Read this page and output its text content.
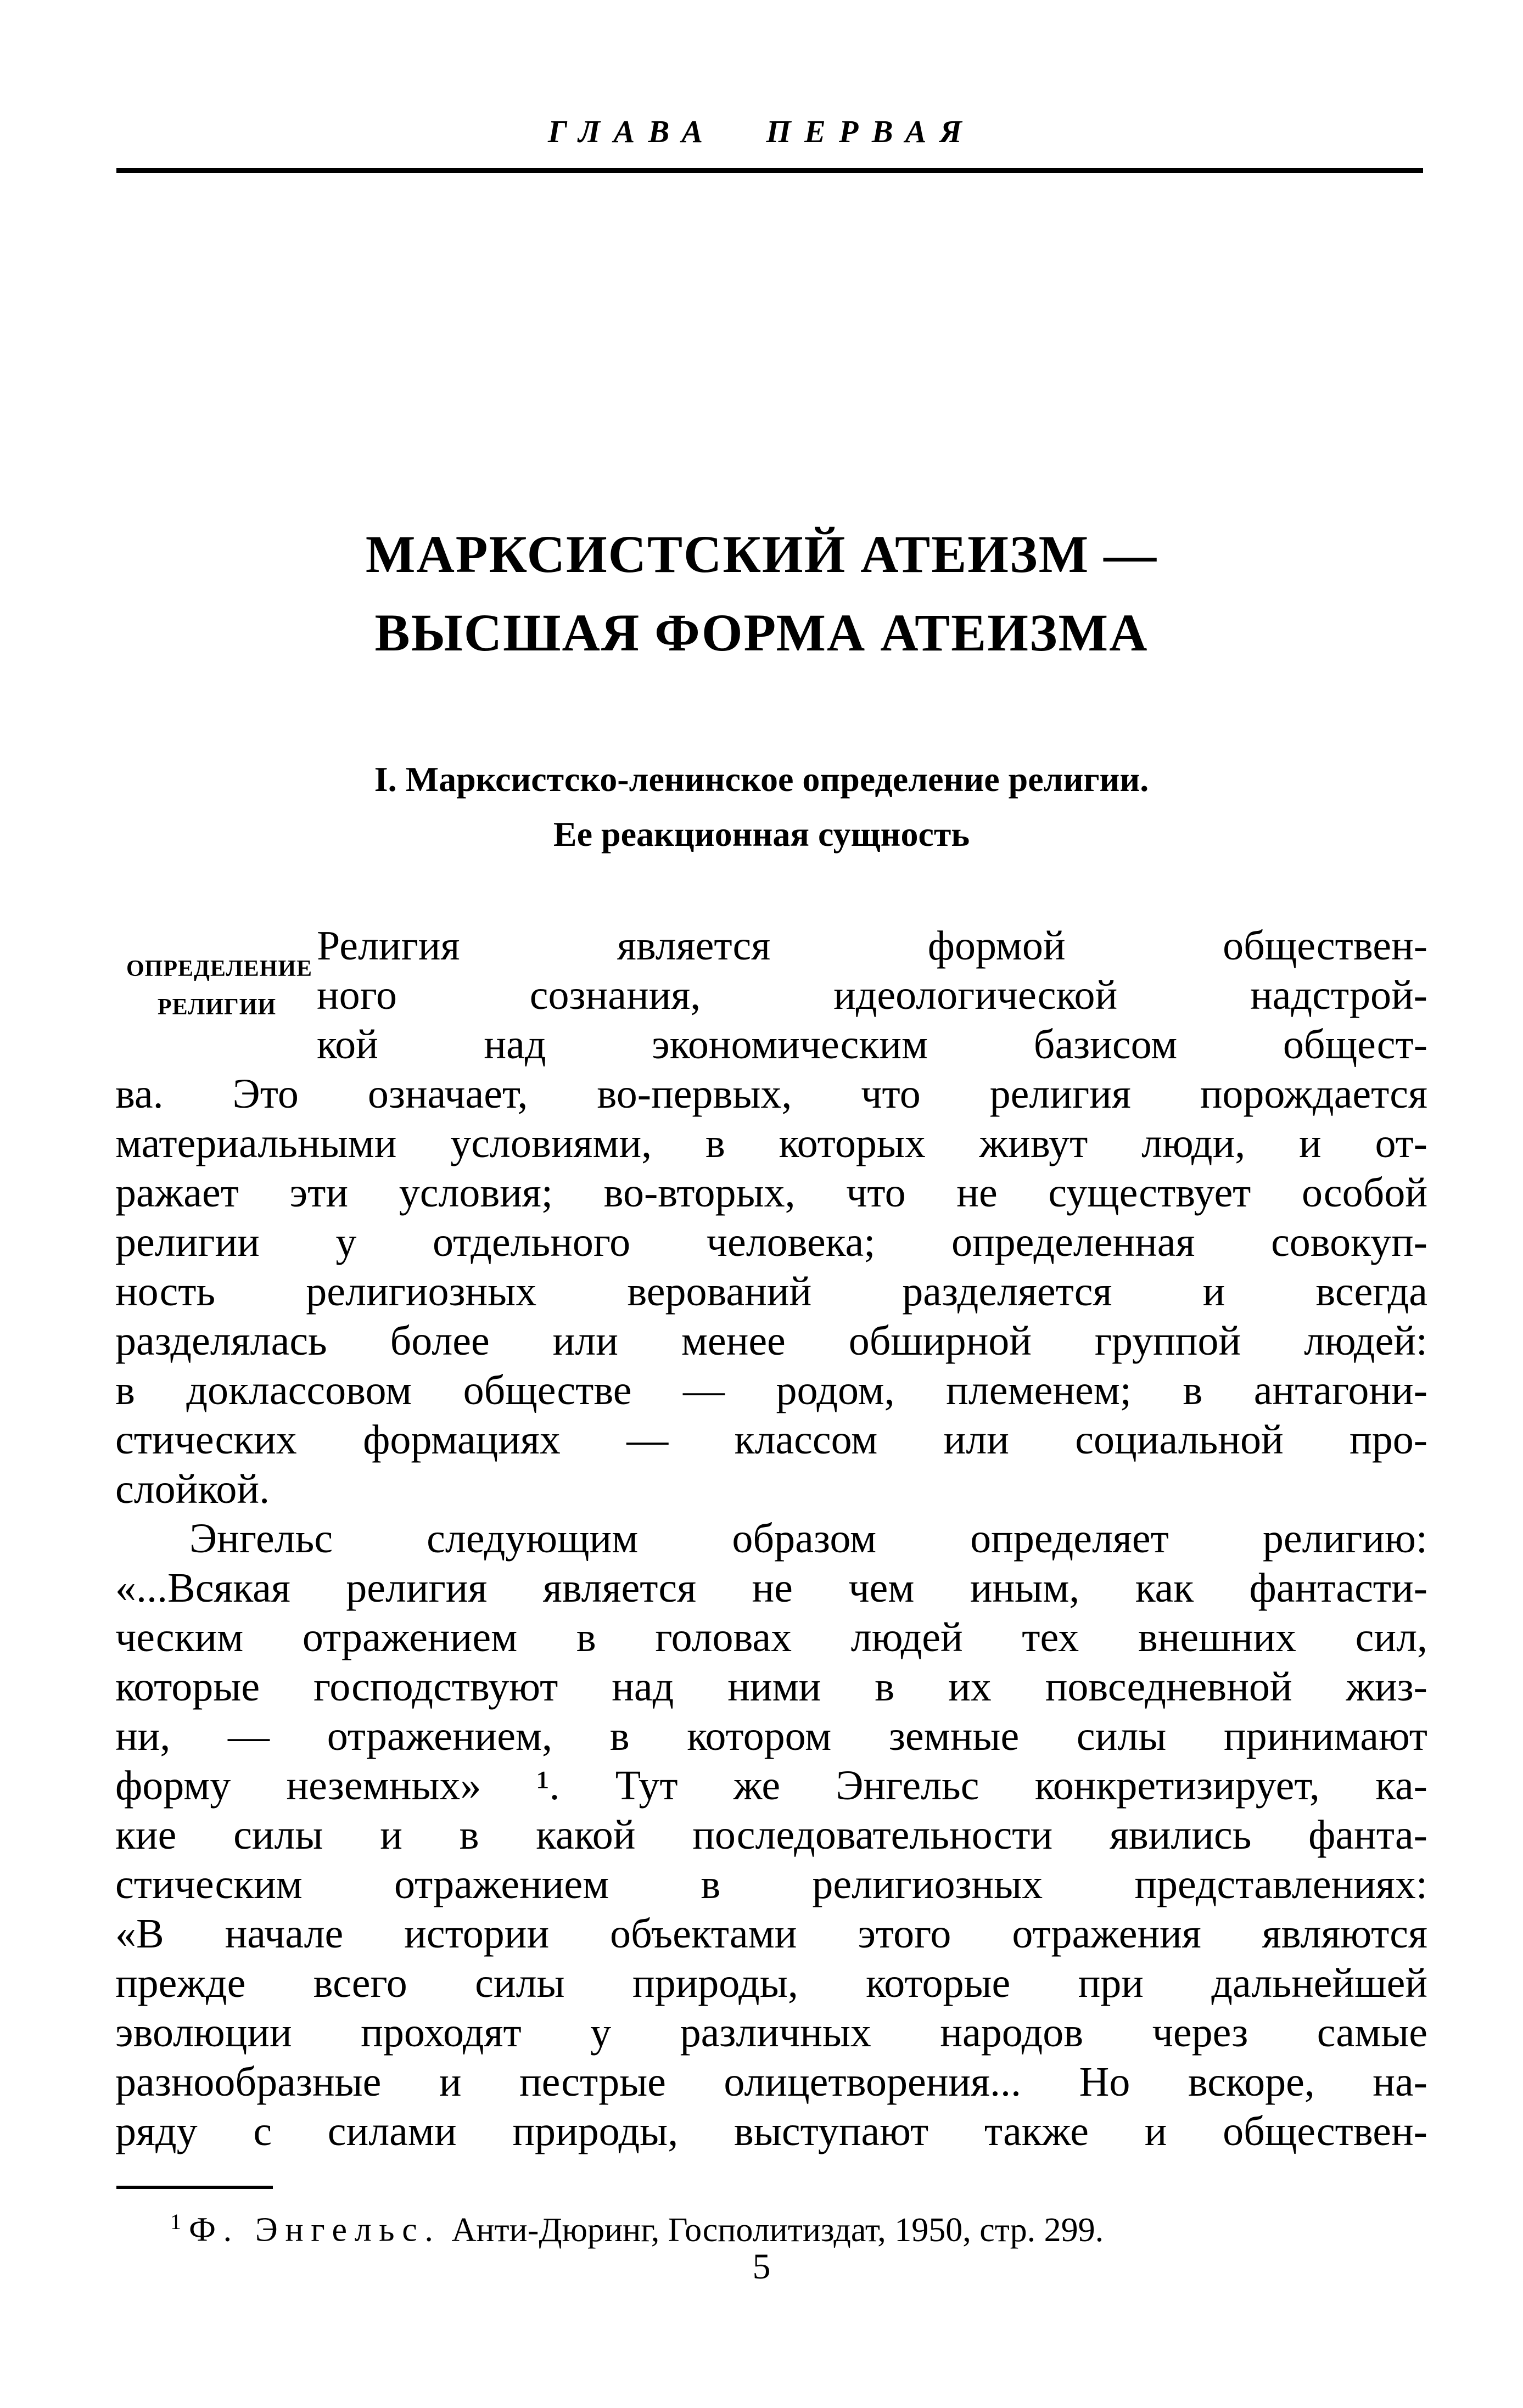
ГЛАВА ПЕРВАЯ
МАРКСИСТСКИЙ АТЕИЗМ —
ВЫСШАЯ ФОРМА АТЕИЗМА
I. Марксистско-ленинское определение религии.
Ее реакционная сущность
ОПРЕДЕЛЕНИЕ
РЕЛИГИИ
Религия является формой обществен-
ного сознания, идеологической надстрой-
кой над экономическим базисом общест-
ва. Это означает, во-первых, что религия порождается
материальными условиями, в которых живут люди, и от-
ражает эти условия; во-вторых, что не существует особой
религии у отдельного человека; определенная совокуп-
ность религиозных верований разделяется и всегда
разделялась более или менее обширной группой людей:
в доклассовом обществе — родом, племенем; в антагони-
стических формациях — классом или социальной про-
слойкой.
Энгельс следующим образом определяет религию:
«...Всякая религия является не чем иным, как фантасти-
ческим отражением в головах людей тех внешних сил,
которые господствуют над ними в их повседневной жиз-
ни, — отражением, в котором земные силы принимают
форму неземных» ¹. Тут же Энгельс конкретизирует, ка-
кие силы и в какой последовательности явились фанта-
стическим отражением в религиозных представлениях:
«В начале истории объектами этого отражения являются
прежде всего силы природы, которые при дальнейшей
эволюции проходят у различных народов через самые
разнообразные и пестрые олицетворения... Но вскоре, на-
ряду с силами природы, выступают также и обществен-
$^1$ Ф. Энгельс. Анти-Дюринг, Госполитиздат, 1950, стр. 299.
5
